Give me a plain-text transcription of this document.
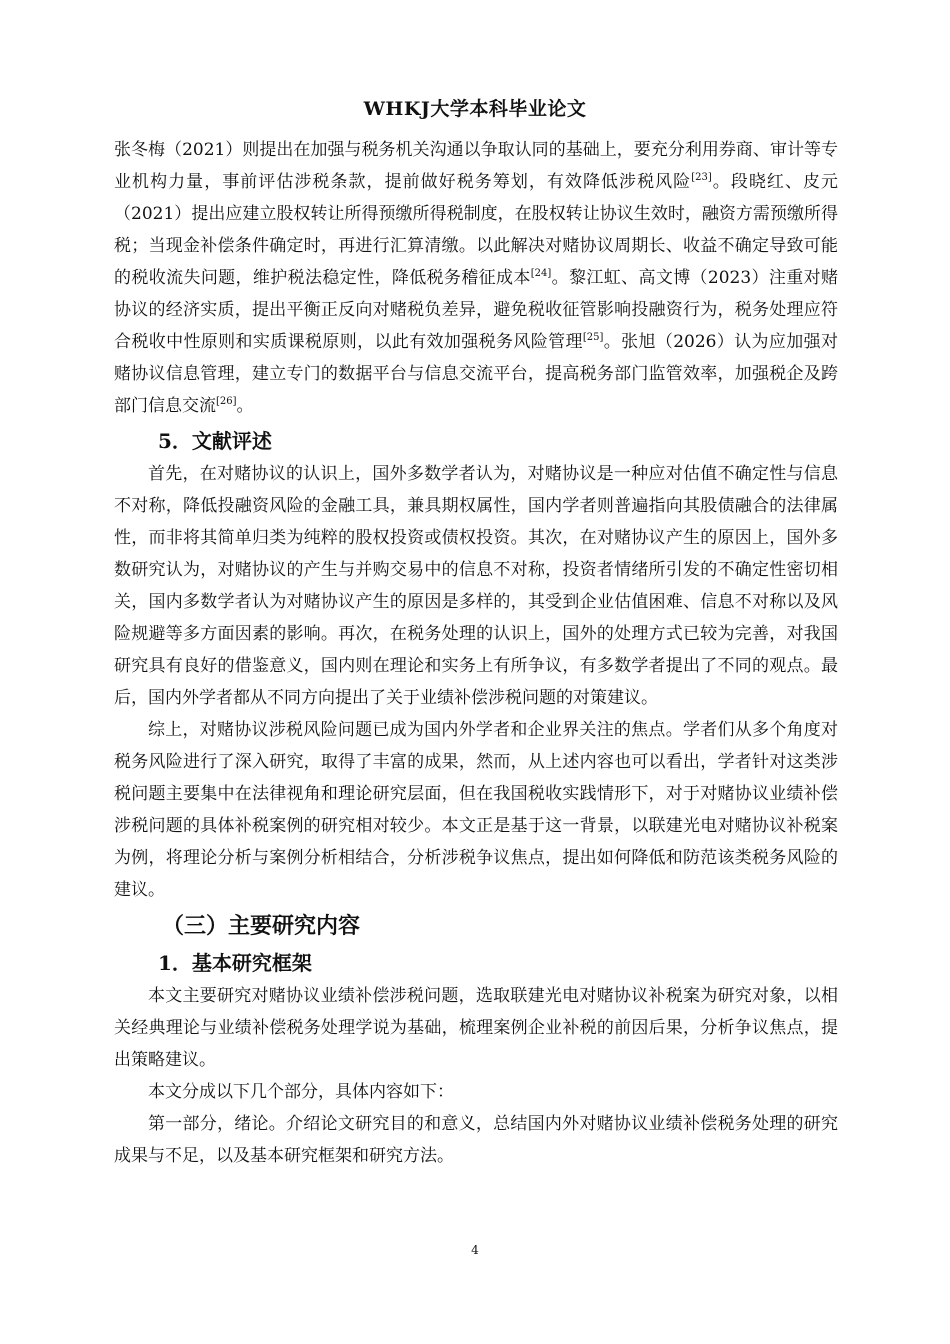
WHKJ大学本科毕业论文

张冬梅（2021）则提出在加强与税务机关沟通以争取认同的基础上，要充分利用券商、审计等专业机构力量，事前评估涉税条款，提前做好税务筹划，有效降低涉税风险[23]。段晓红、皮元（2021）提出应建立股权转让所得预缴所得税制度，在股权转让协议生效时，融资方需预缴所得税；当现金补偿条件确定时，再进行汇算清缴。以此解决对赌协议周期长、收益不确定导致可能的税收流失问题，维护税法稳定性，降低税务稽征成本[24]。黎江虹、高文博（2023）注重对赌协议的经济实质，提出平衡正反向对赌税负差异，避免税收征管影响投融资行为，税务处理应符合税收中性原则和实质课税原则，以此有效加强税务风险管理[25]。张旭（2026）认为应加强对赌协议信息管理，建立专门的数据平台与信息交流平台，提高税务部门监管效率，加强税企及跨部门信息交流[26]。

5．文献评述

首先，在对赌协议的认识上，国外多数学者认为，对赌协议是一种应对估值不确定性与信息不对称，降低投融资风险的金融工具，兼具期权属性，国内学者则普遍指向其股债融合的法律属性，而非将其简单归类为纯粹的股权投资或债权投资。其次，在对赌协议产生的原因上，国外多数研究认为，对赌协议的产生与并购交易中的信息不对称，投资者情绪所引发的不确定性密切相关，国内多数学者认为对赌协议产生的原因是多样的，其受到企业估值困难、信息不对称以及风险规避等多方面因素的影响。再次，在税务处理的认识上，国外的处理方式已较为完善，对我国研究具有良好的借鉴意义，国内则在理论和实务上有所争议，有多数学者提出了不同的观点。最后，国内外学者都从不同方向提出了关于业绩补偿涉税问题的对策建议。

综上，对赌协议涉税风险问题已成为国内外学者和企业界关注的焦点。学者们从多个角度对税务风险进行了深入研究，取得了丰富的成果，然而，从上述内容也可以看出，学者针对这类涉税问题主要集中在法律视角和理论研究层面，但在我国税收实践情形下，对于对赌协议业绩补偿涉税问题的具体补税案例的研究相对较少。本文正是基于这一背景，以联建光电对赌协议补税案为例，将理论分析与案例分析相结合，分析涉税争议焦点，提出如何降低和防范该类税务风险的建议。

（三）主要研究内容
1．基本研究框架

本文主要研究对赌协议业绩补偿涉税问题，选取联建光电对赌协议补税案为研究对象，以相关经典理论与业绩补偿税务处理学说为基础，梳理案例企业补税的前因后果，分析争议焦点，提出策略建议。

本文分成以下几个部分，具体内容如下：

第一部分，绪论。介绍论文研究目的和意义，总结国内外对赌协议业绩补偿税务处理的研究成果与不足，以及基本研究框架和研究方法。

4
